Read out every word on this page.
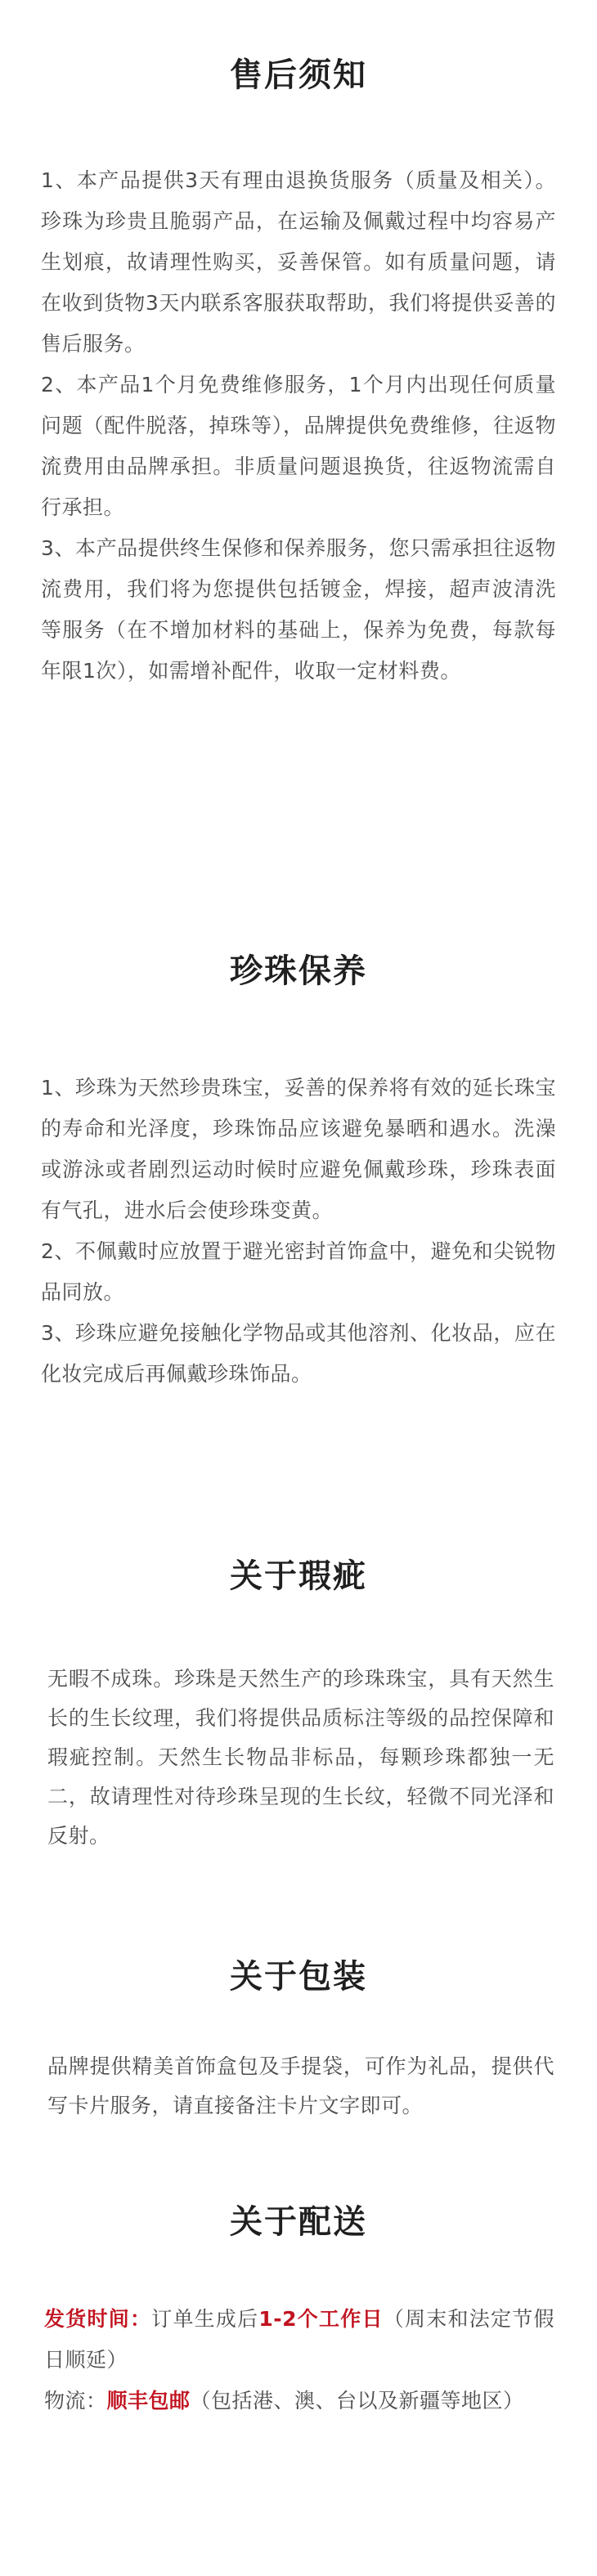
售后须知

1、本产品提供3天有理由退换货服务（质量及相关）。珍珠为珍贵且脆弱产品，在运输及佩戴过程中均容易产生划痕，故请理性购买，妥善保管。如有质量问题，请在收到货物3天内联系客服获取帮助，我们将提供妥善的售后服务。

2、本产品1个月免费维修服务，1个月内出现任何质量问题（配件脱落，掉珠等），品牌提供免费维修，往返物流费用由品牌承担。非质量问题退换货，往返物流需自行承担。

3、本产品提供终生保修和保养服务，您只需承担往返物流费用，我们将为您提供包括镀金，焊接，超声波清洗等服务（在不增加材料的基础上，保养为免费，每款每年限1次），如需增补配件，收取一定材料费。

珍珠保养

1、珍珠为天然珍贵珠宝，妥善的保养将有效的延长珠宝的寿命和光泽度，珍珠饰品应该避免暴晒和遇水。洗澡或游泳或者剧烈运动时候时应避免佩戴珍珠，珍珠表面有气孔，进水后会使珍珠变黄。

2、不佩戴时应放置于避光密封首饰盒中，避免和尖锐物品同放。

3、珍珠应避免接触化学物品或其他溶剂、化妆品，应在化妆完成后再佩戴珍珠饰品。

关于瑕疵

无暇不成珠。珍珠是天然生产的珍珠珠宝，具有天然生长的生长纹理，我们将提供品质标注等级的品控保障和瑕疵控制。天然生长物品非标品，每颗珍珠都独一无二，故请理性对待珍珠呈现的生长纹，轻微不同光泽和反射。

关于包装

品牌提供精美首饰盒包及手提袋，可作为礼品，提供代写卡片服务，请直接备注卡片文字即可。

关于配送

发货时间：订单生成后1-2个工作日（周末和法定节假日顺延）

物流：顺丰包邮（包括港、澳、台以及新疆等地区）
